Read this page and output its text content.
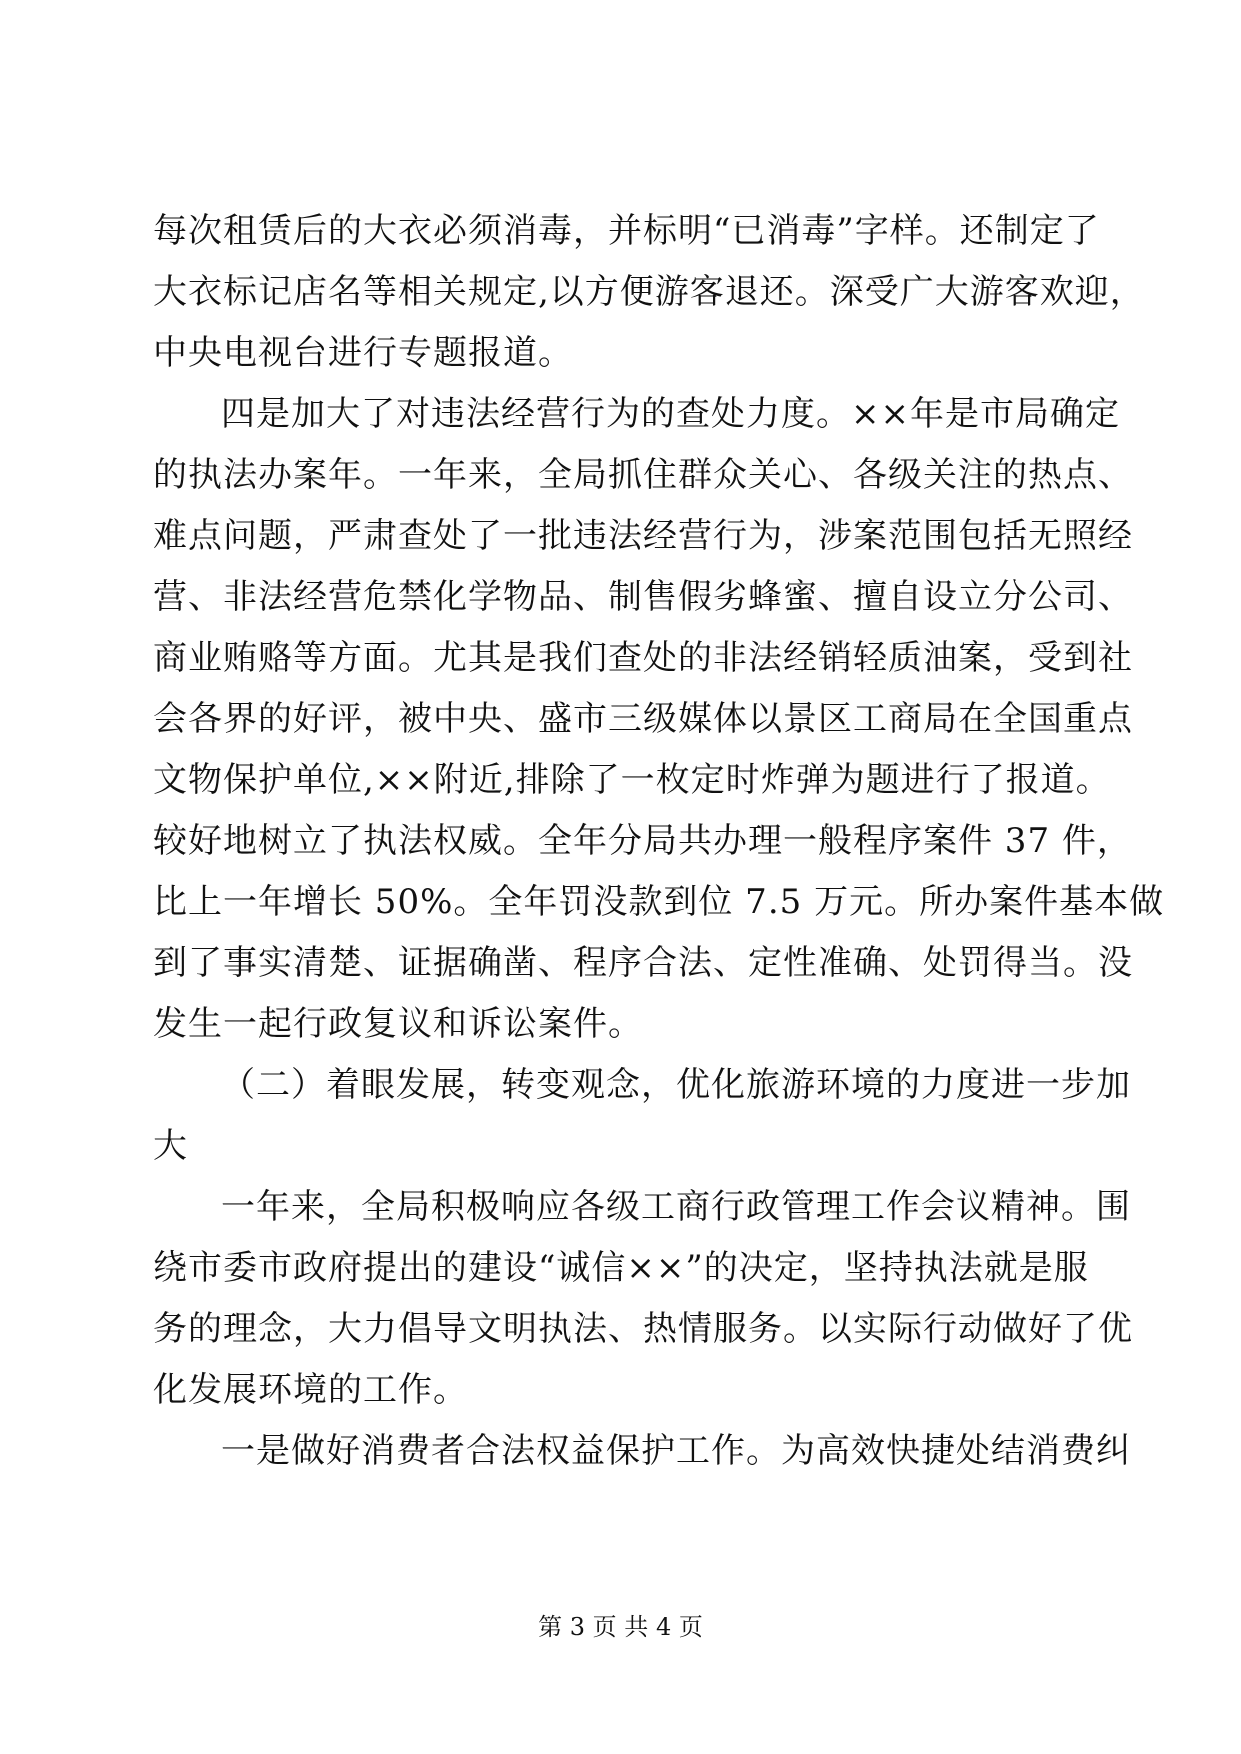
每次租赁后的大衣必须消毒，并标明“已消毒”字样。还制定了
大衣标记店名等相关规定,以方便游客退还。深受广大游客欢迎，
中央电视台进行专题报道。
四是加大了对违法经营行为的查处力度。××年是市局确定
的执法办案年。一年来，全局抓住群众关心、各级关注的热点、
难点问题，严肃查处了一批违法经营行为，涉案范围包括无照经
营、非法经营危禁化学物品、制售假劣蜂蜜、擅自设立分公司、
商业贿赂等方面。尤其是我们查处的非法经销轻质油案，受到社
会各界的好评，被中央、盛市三级媒体以景区工商局在全国重点
文物保护单位,××附近,排除了一枚定时炸弹为题进行了报道。
较好地树立了执法权威。全年分局共办理一般程序案件 37 件，
比上一年增长 50%。全年罚没款到位 7.5 万元。所办案件基本做
到了事实清楚、证据确凿、程序合法、定性准确、处罚得当。没
发生一起行政复议和诉讼案件。
（二）着眼发展，转变观念，优化旅游环境的力度进一步加
大
一年来，全局积极响应各级工商行政管理工作会议精神。围
绕市委市政府提出的建设“诚信××”的决定，坚持执法就是服
务的理念，大力倡导文明执法、热情服务。以实际行动做好了优
化发展环境的工作。
一是做好消费者合法权益保护工作。为高效快捷处结消费纠
第 3 页 共 4 页
